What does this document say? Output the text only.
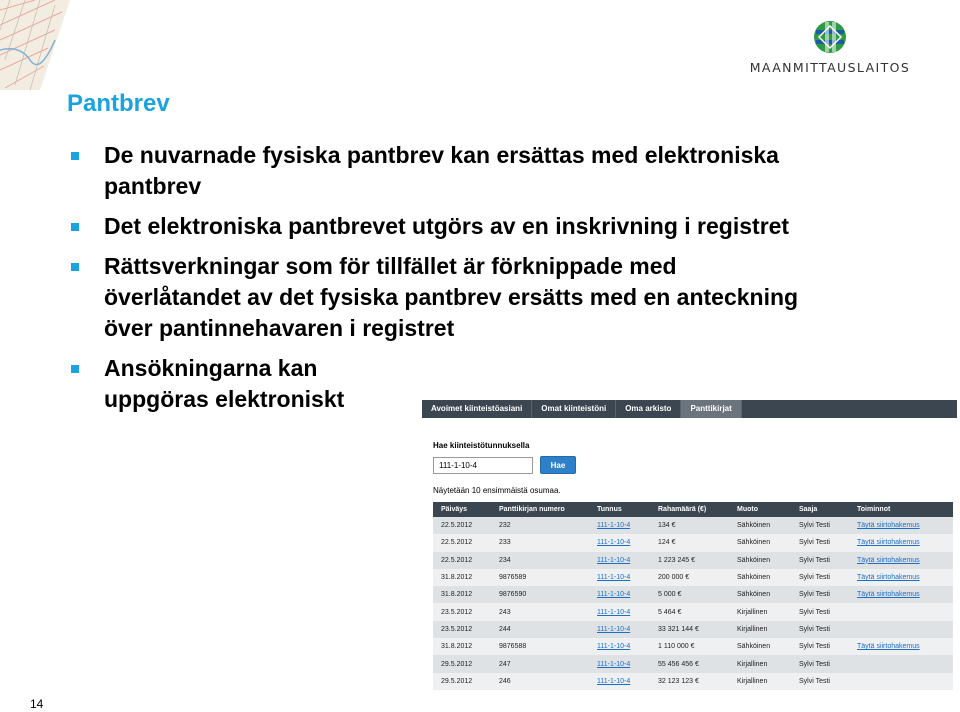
MAANMITTAUSLAITOS
Pantbrev
De nuvarnade fysiska pantbrev kan ersättas med elektroniska pantbrev
Det elektroniska pantbrevet utgörs av en inskrivning i registret
Rättsverkningar som för tillfället är förknippade med överlåtandet av det fysiska pantbrev ersätts med en anteckning över pantinnehavaren i registret
Ansökningarna kan uppgöras elektroniskt	Avoimet kiinteistöasiani	Omat kiinteistöni	Oma arkisto	Panttikirjat
Hae kiinteistötunnuksella
111-1-10-4
Hae
Näytetään 10 ensimmäistä osumaa.
Päiväys	Panttikirjan numero	Tunnus	Rahamäärä (€)	Muoto	Saaja	Toiminnot
22.5.2012	232	111-1-10-4	134 €	Sähköinen	Sylvi Testi	Täytä siirtohakemus
22.5.2012	233	111-1-10-4	124 €	Sähköinen	Sylvi Testi	Täytä siirtohakemus
22.5.2012	234	111-1-10-4	1 223 245 €	Sähköinen	Sylvi Testi	Täytä siirtohakemus
31.8.2012	9876589	111-1-10-4	200 000 €	Sähköinen	Sylvi Testi	Täytä siirtohakemus
31.8.2012	9876590	111-1-10-4	5 000 €	Sähköinen	Sylvi Testi	Täytä siirtohakemus
23.5.2012	243	111-1-10-4	5 464 €	Kirjallinen	Sylvi Testi	
23.5.2012	244	111-1-10-4	33 321 144 €	Kirjallinen	Sylvi Testi	
31.8.2012	9876588	111-1-10-4	1 110 000 €	Sähköinen	Sylvi Testi	Täytä siirtohakemus
29.5.2012	247	111-1-10-4	55 456 456 €	Kirjallinen	Sylvi Testi	
29.5.2012	246	111-1-10-4	32 123 123 €	Kirjallinen	Sylvi Testi	
14
